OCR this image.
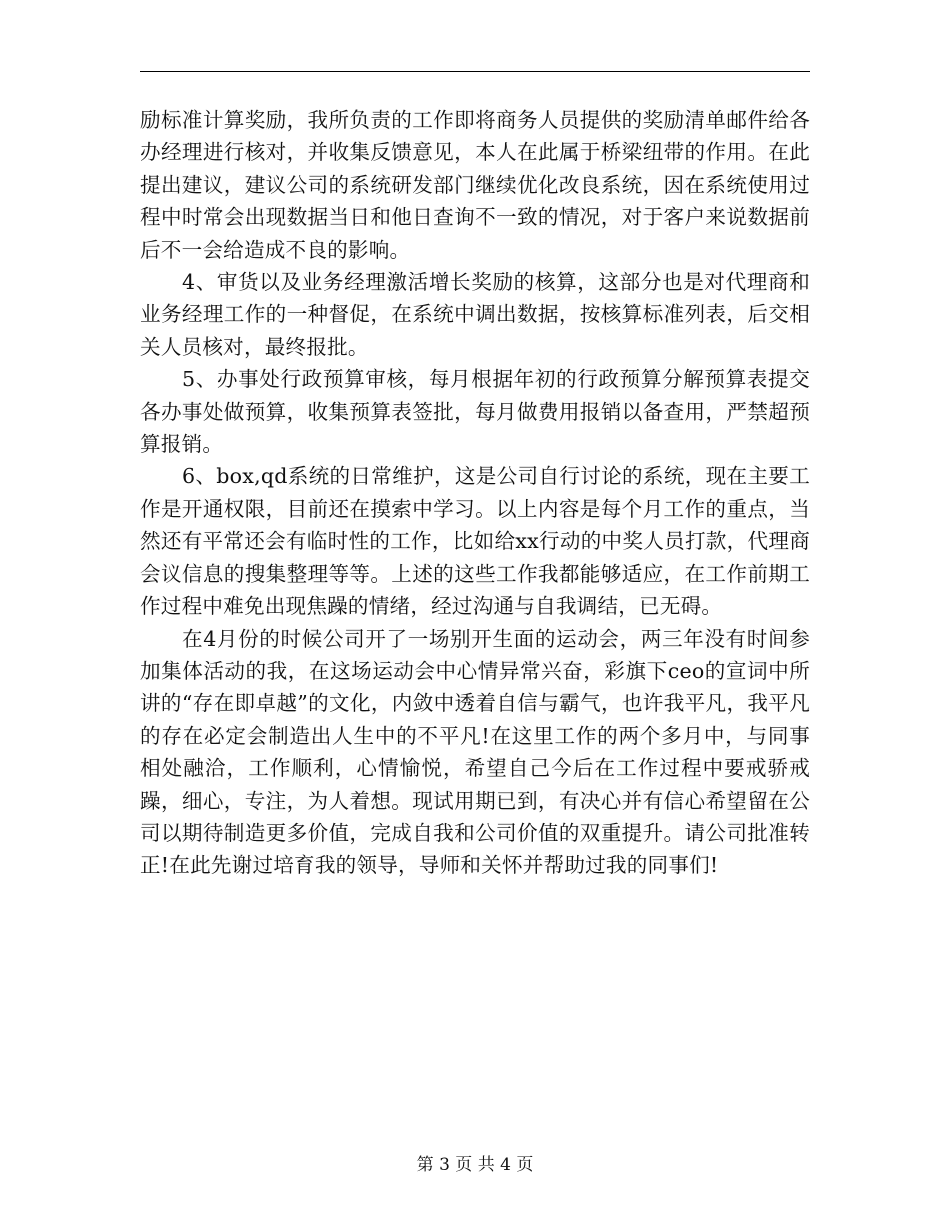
励标准计算奖励，我所负责的工作即将商务人员提供的奖励清单邮件给各办经理进行核对，并收集反馈意见，本人在此属于桥梁纽带的作用。在此提出建议，建议公司的系统研发部门继续优化改良系统，因在系统使用过程中时常会出现数据当日和他日查询不一致的情况，对于客户来说数据前后不一会给造成不良的影响。

4、审货以及业务经理激活增长奖励的核算，这部分也是对代理商和业务经理工作的一种督促，在系统中调出数据，按核算标准列表，后交相关人员核对，最终报批。

5、办事处行政预算审核，每月根据年初的行政预算分解预算表提交各办事处做预算，收集预算表签批，每月做费用报销以备查用，严禁超预算报销。

6、box,qd系统的日常维护，这是公司自行讨论的系统，现在主要工作是开通权限，目前还在摸索中学习。以上内容是每个月工作的重点，当然还有平常还会有临时性的工作，比如给xx行动的中奖人员打款，代理商会议信息的搜集整理等等。上述的这些工作我都能够适应，在工作前期工作过程中难免出现焦躁的情绪，经过沟通与自我调结，已无碍。

在4月份的时候公司开了一场别开生面的运动会，两三年没有时间参加集体活动的我，在这场运动会中心情异常兴奋，彩旗下ceo的宣词中所讲的“存在即卓越”的文化，内敛中透着自信与霸气，也许我平凡，我平凡的存在必定会制造出人生中的不平凡!在这里工作的两个多月中，与同事相处融洽，工作顺利，心情愉悦，希望自己今后在工作过程中要戒骄戒躁，细心，专注，为人着想。现试用期已到，有决心并有信心希望留在公司以期待制造更多价值，完成自我和公司价值的双重提升。请公司批准转正!在此先谢过培育我的领导，导师和关怀并帮助过我的同事们!

第 3 页 共 4 页
